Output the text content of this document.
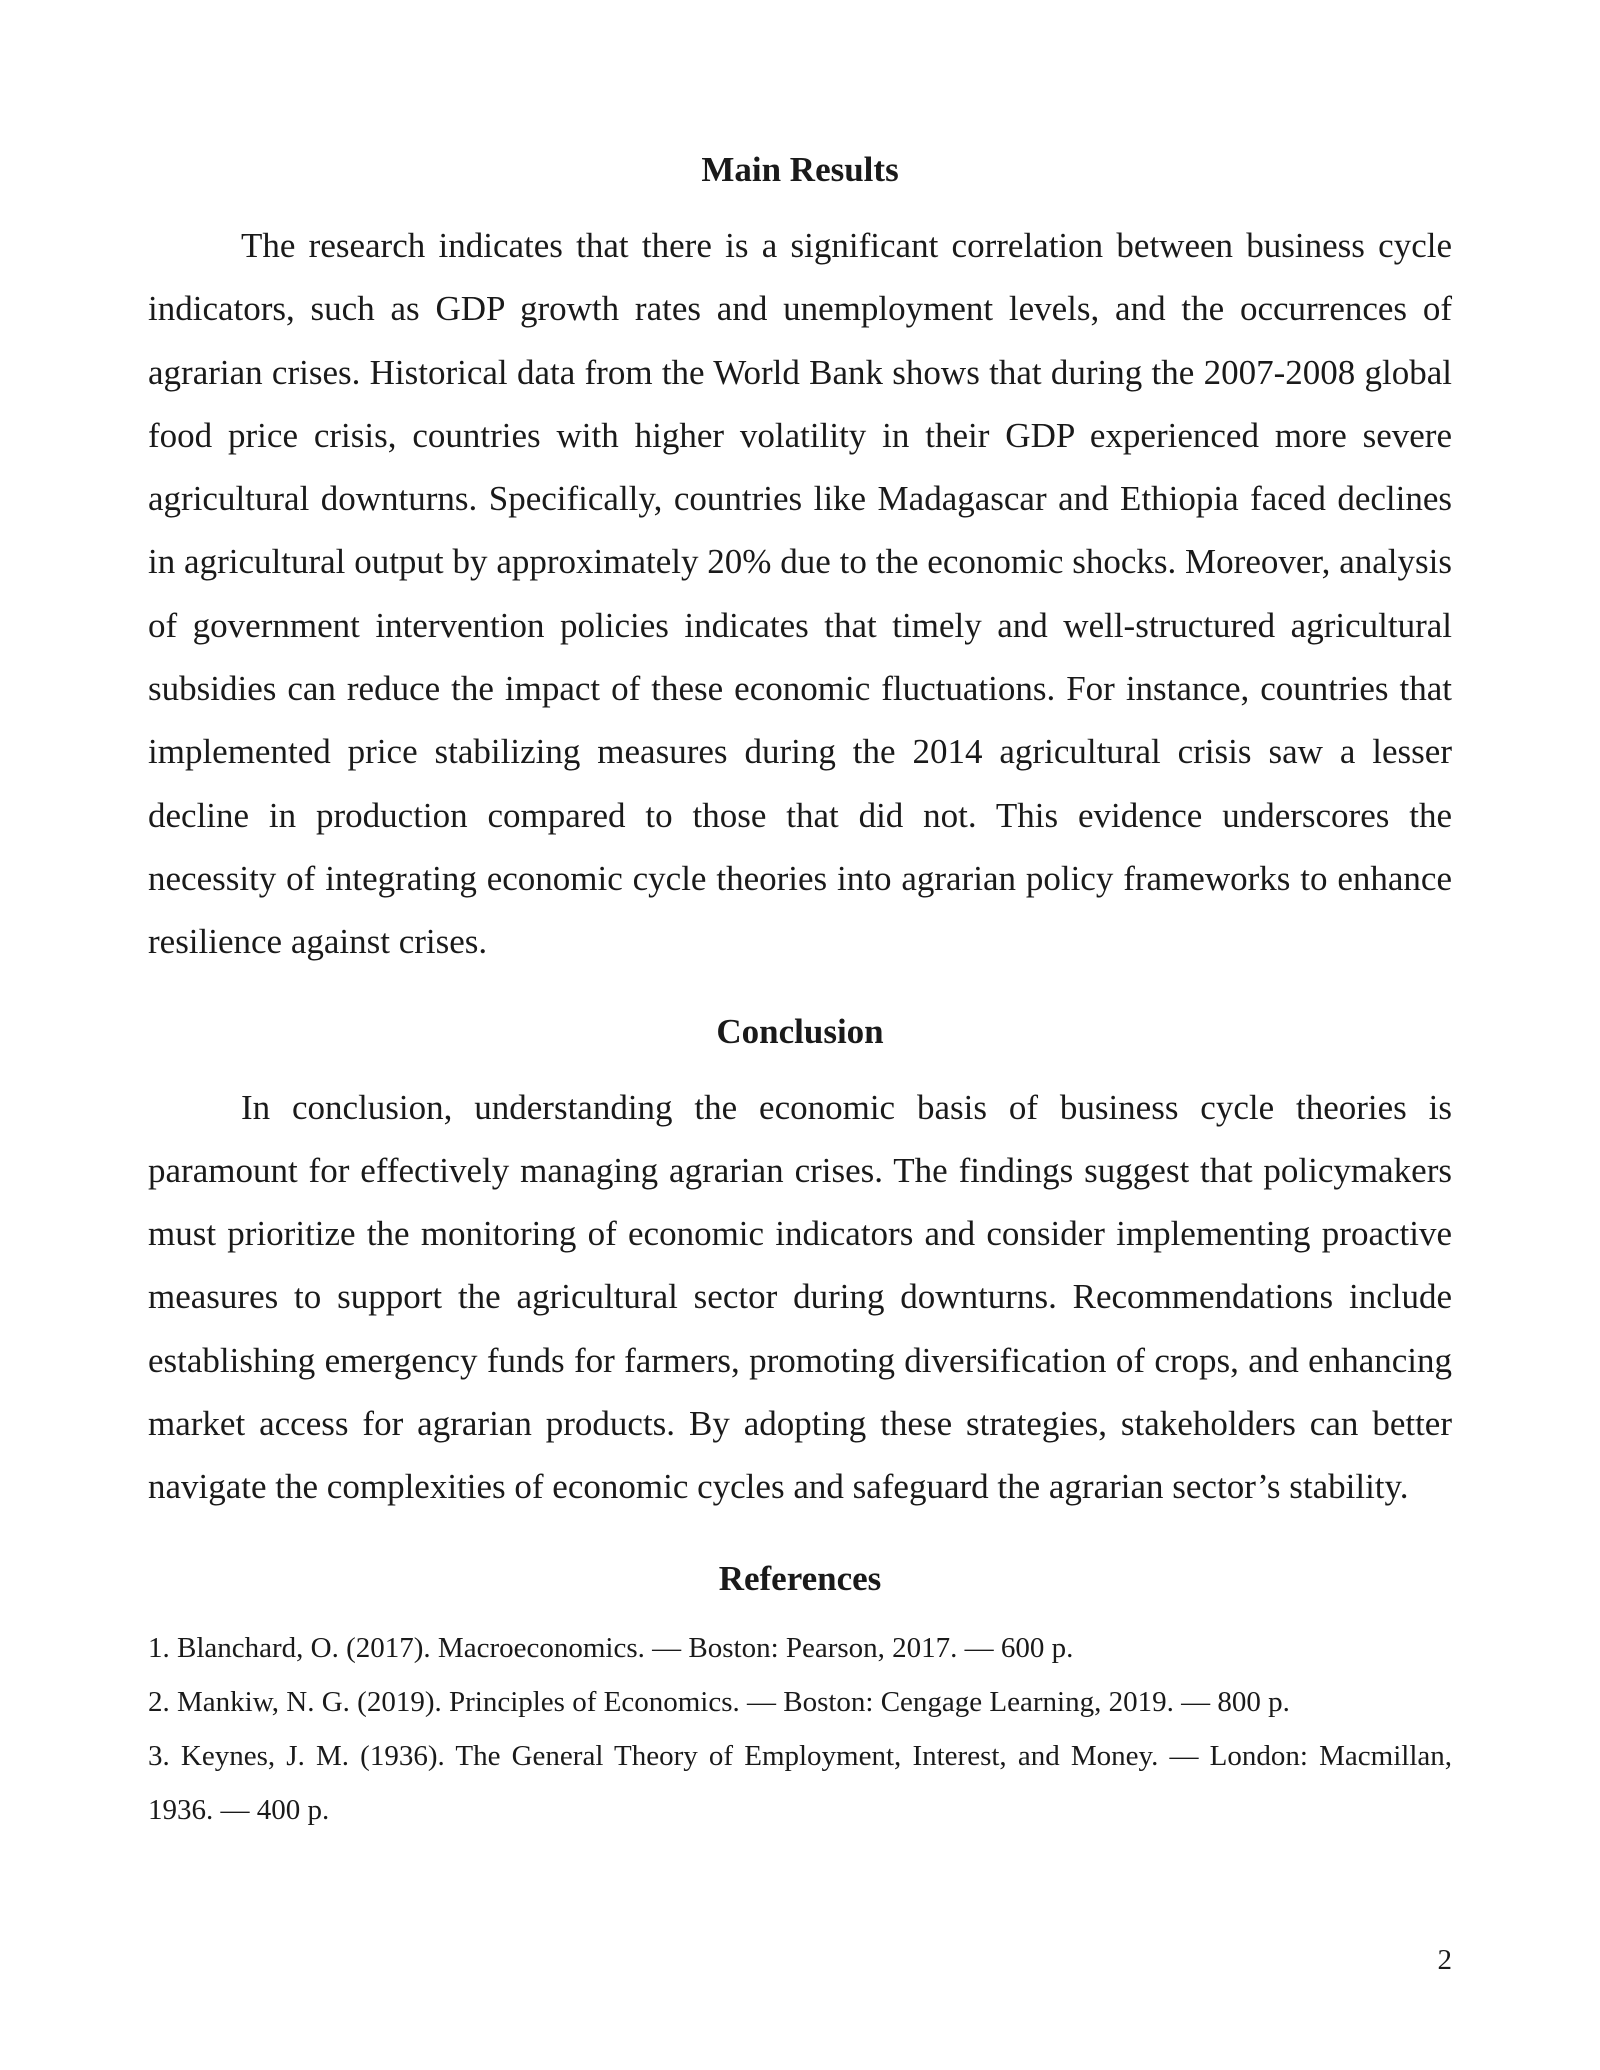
Main Results

The research indicates that there is a significant correlation between business cycle indicators, such as GDP growth rates and unemployment levels, and the occurrences of agrarian crises. Historical data from the World Bank shows that during the 2007-2008 global food price crisis, countries with higher volatility in their GDP experienced more severe agricultural downturns. Specifically, countries like Madagascar and Ethiopia faced declines in agricultural output by approximately 20% due to the economic shocks. Moreover, analysis of government intervention policies indicates that timely and well-structured agricultural subsidies can reduce the impact of these economic fluctuations. For instance, countries that implemented price stabilizing measures during the 2014 agricultural crisis saw a lesser decline in production compared to those that did not. This evidence underscores the necessity of integrating economic cycle theories into agrarian policy frameworks to enhance resilience against crises.

Conclusion

In conclusion, understanding the economic basis of business cycle theories is paramount for effectively managing agrarian crises. The findings suggest that policymakers must prioritize the monitoring of economic indicators and consider implementing proactive measures to support the agricultural sector during downturns. Recommendations include establishing emergency funds for farmers, promoting diversification of crops, and enhancing market access for agrarian products. By adopting these strategies, stakeholders can better navigate the complexities of economic cycles and safeguard the agrarian sector’s stability.

References
1. Blanchard, O. (2017). Macroeconomics. — Boston: Pearson, 2017. — 600 p.
2. Mankiw, N. G. (2019). Principles of Economics. — Boston: Cengage Learning, 2019. — 800 p.
3. Keynes, J. M. (1936). The General Theory of Employment, Interest, and Money. — London: Macmillan, 1936. — 400 p.

2
